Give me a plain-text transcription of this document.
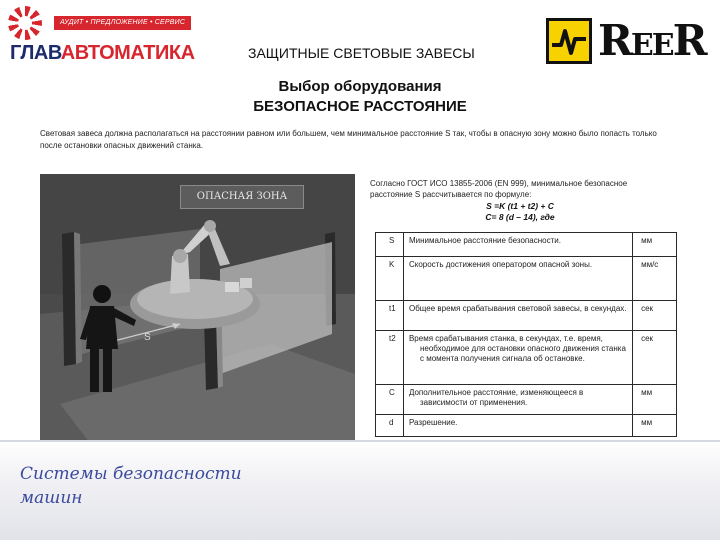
АУДИТ • ПРЕДЛОЖЕНИЕ • СЕРВИС
ГЛАВАВТОМАТИКА	ЗАЩИТНЫЕ СВЕТОВЫЕ ЗАВЕСЫ	REER
Выбор оборудования
БЕЗОПАСНОЕ РАССТОЯНИЕ
Световая завеса должна располагаться на расстоянии равном или большем, чем минимальное расстояние S так, чтобы в опасную зону можно было попасть только после остановки опасных движений станка.
ОПАСНАЯ ЗОНА
S
Согласно ГОСТ ИСО 13855-2006 (EN 999), минимальное безопасное расстояние S рассчитывается по формуле:
S =K (t1 + t2) + C
C= 8 (d – 14), где
S	Минимальное расстояние безопасности.	мм
K	Скорость достижения оператором опасной зоны.	мм/с
t1	Общее время срабатывания световой завесы, в секундах.	сек
t2	Время срабатывания станка, в секундах, т.е. время, необходимое для остановки опасного движения станка с момента получения сигнала об остановке.	сек
C	Дополнительное расстояние, изменяющееся в зависимости от применения.	мм
d	Разрешение.	мм
Системы безопасности
машин
